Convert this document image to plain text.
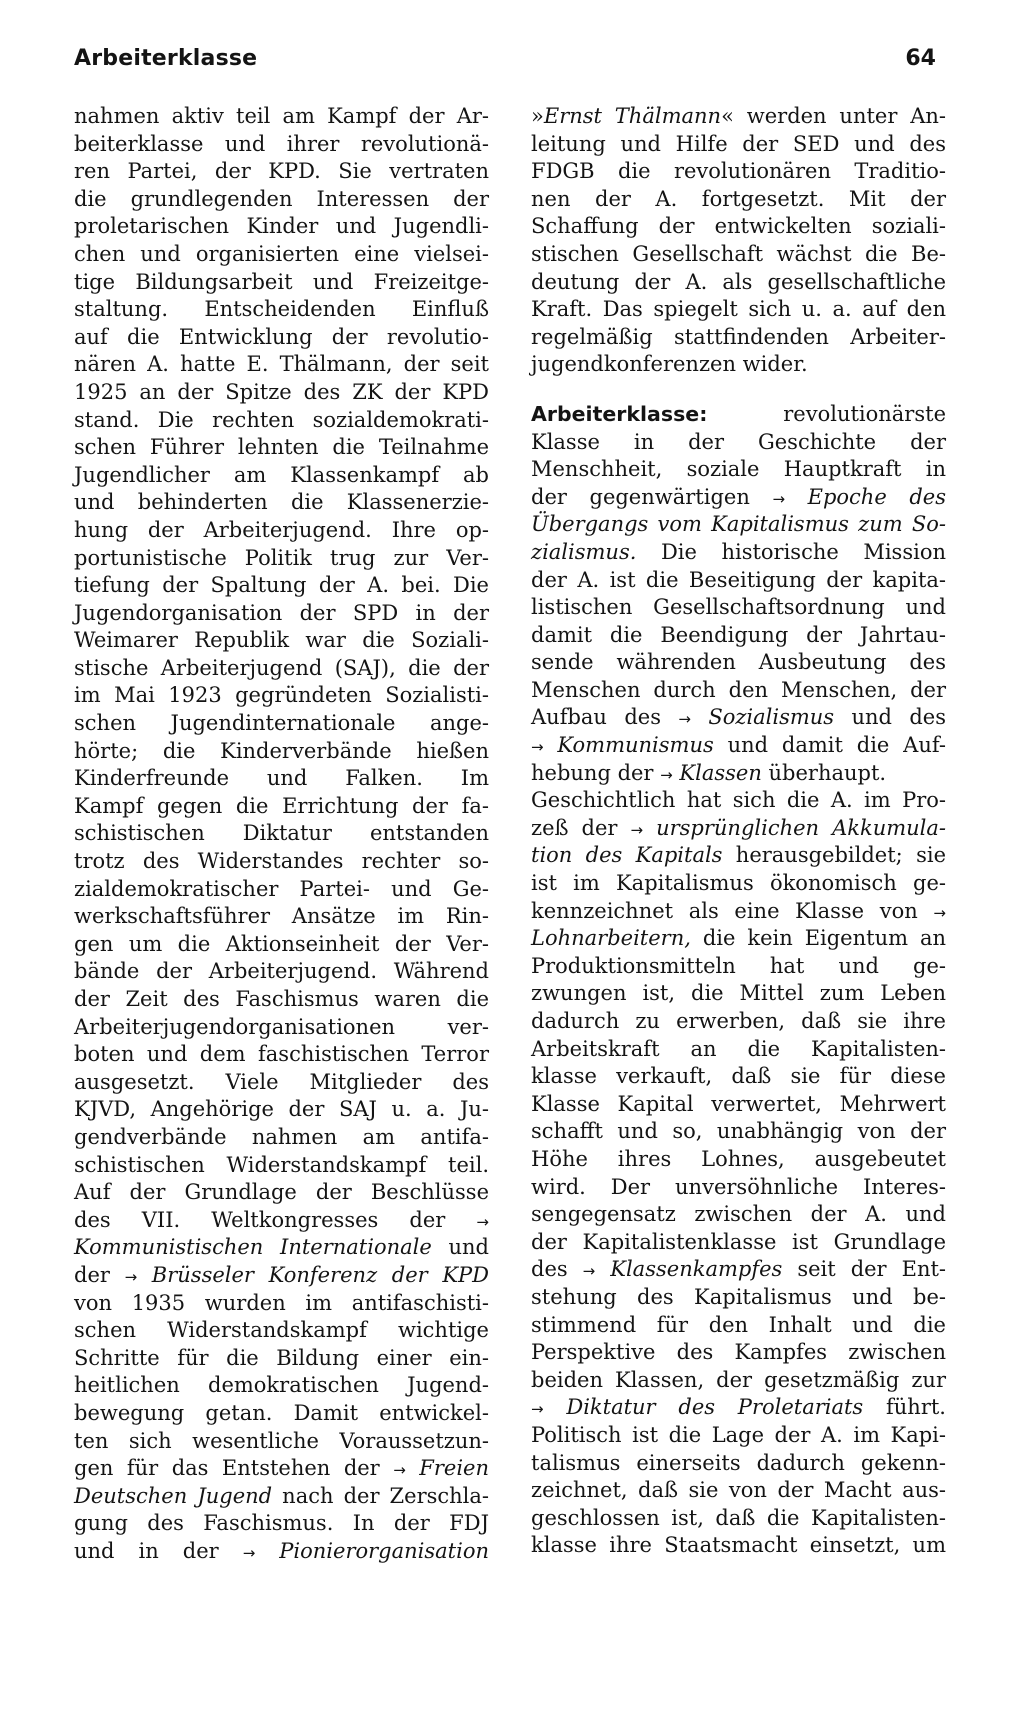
Arbeiterklasse	64
nahmen aktiv teil am Kampf der Ar-
beiterklasse und ihrer revolutionä-
ren Partei, der KPD. Sie vertraten
die grundlegenden Interessen der
proletarischen Kinder und Jugendli-
chen und organisierten eine vielsei-
tige Bildungsarbeit und Freizeitge-
staltung. Entscheidenden Einfluß
auf die Entwicklung der revolutio-
nären A. hatte E. Thälmann, der seit
1925 an der Spitze des ZK der KPD
stand. Die rechten sozialdemokrati-
schen Führer lehnten die Teilnahme
Jugendlicher am Klassenkampf ab
und behinderten die Klassenerzie-
hung der Arbeiterjugend. Ihre op-
portunistische Politik trug zur Ver-
tiefung der Spaltung der A. bei. Die
Jugendorganisation der SPD in der
Weimarer Republik war die Soziali-
stische Arbeiterjugend (SAJ), die der
im Mai 1923 gegründeten Sozialisti-
schen Jugendinternationale ange-
hörte; die Kinderverbände hießen
Kinderfreunde und Falken. Im
Kampf gegen die Errichtung der fa-
schistischen Diktatur entstanden
trotz des Widerstandes rechter so-
zialdemokratischer Partei- und Ge-
werkschaftsführer Ansätze im Rin-
gen um die Aktionseinheit der Ver-
bände der Arbeiterjugend. Während
der Zeit des Faschismus waren die
Arbeiterjugendorganisationen ver-
boten und dem faschistischen Terror
ausgesetzt. Viele Mitglieder des
KJVD, Angehörige der SAJ u. a. Ju-
gendverbände nahmen am antifa-
schistischen Widerstandskampf teil.
Auf der Grundlage der Beschlüsse
des VII. Weltkongresses der →
Kommunistischen Internationale und
der → Brüsseler Konferenz der KPD
von 1935 wurden im antifaschisti-
schen Widerstandskampf wichtige
Schritte für die Bildung einer ein-
heitlichen demokratischen Jugend-
bewegung getan. Damit entwickel-
ten sich wesentliche Voraussetzun-
gen für das Entstehen der → Freien
Deutschen Jugend nach der Zerschla-
gung des Faschismus. In der FDJ
und in der → Pionierorganisation
»Ernst Thälmann« werden unter An-
leitung und Hilfe der SED und des
FDGB die revolutionären Traditio-
nen der A. fortgesetzt. Mit der
Schaffung der entwickelten soziali-
stischen Gesellschaft wächst die Be-
deutung der A. als gesellschaftliche
Kraft. Das spiegelt sich u. a. auf den
regelmäßig stattfindenden Arbeiter-
jugendkonferenzen wider.
Arbeiterklasse: revolutionärste
Klasse in der Geschichte der
Menschheit, soziale Hauptkraft in
der gegenwärtigen → Epoche des
Übergangs vom Kapitalismus zum So-
zialismus. Die historische Mission
der A. ist die Beseitigung der kapita-
listischen Gesellschaftsordnung und
damit die Beendigung der Jahrtau-
sende währenden Ausbeutung des
Menschen durch den Menschen, der
Aufbau des → Sozialismus und des
→ Kommunismus und damit die Auf-
hebung der → Klassen überhaupt.
Geschichtlich hat sich die A. im Pro-
zeß der → ursprünglichen Akkumula-
tion des Kapitals herausgebildet; sie
ist im Kapitalismus ökonomisch ge-
kennzeichnet als eine Klasse von →
Lohnarbeitern, die kein Eigentum an
Produktionsmitteln hat und ge-
zwungen ist, die Mittel zum Leben
dadurch zu erwerben, daß sie ihre
Arbeitskraft an die Kapitalisten-
klasse verkauft, daß sie für diese
Klasse Kapital verwertet, Mehrwert
schafft und so, unabhängig von der
Höhe ihres Lohnes, ausgebeutet
wird. Der unversöhnliche Interes-
sengegensatz zwischen der A. und
der Kapitalistenklasse ist Grundlage
des → Klassenkampfes seit der Ent-
stehung des Kapitalismus und be-
stimmend für den Inhalt und die
Perspektive des Kampfes zwischen
beiden Klassen, der gesetzmäßig zur
→ Diktatur des Proletariats führt.
Politisch ist die Lage der A. im Kapi-
talismus einerseits dadurch gekenn-
zeichnet, daß sie von der Macht aus-
geschlossen ist, daß die Kapitalisten-
klasse ihre Staatsmacht einsetzt, um
